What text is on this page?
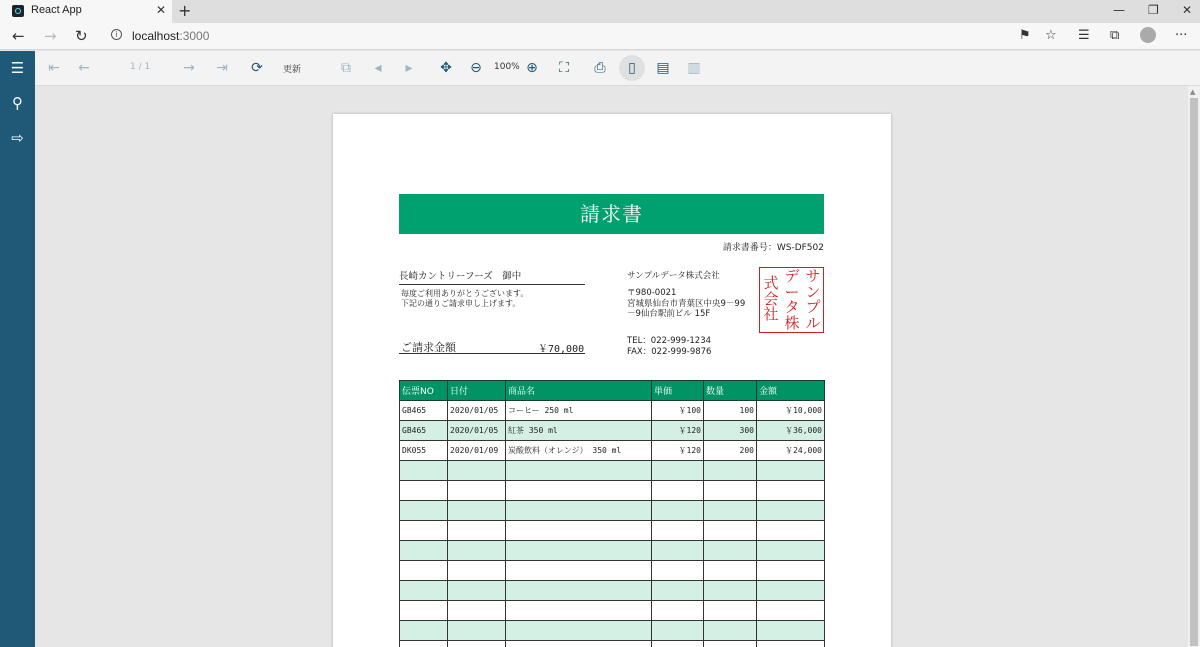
React App	✕ +	— ❐ ✕
← → ↻	i	localhost:3000	⚑ ☆ ☰ ⧉	···
☰
⚲
⇨
⇤ ←	1 / 1 → ⇥ ⟳	更新	⧉	◂	▸	✥ ⊖	100% ⊕ ⛶ ⎙	▯	▤ ▥
請求書
請求書番号：WS-DF502
長崎カントリーフーズ　御中
毎度ご利用ありがとうございます。
下記の通りご請求申し上げます。
ご請求金額	￥70,000
サンプルデータ株式会社
〒980-0021
宮城県仙台市青葉区中央9－99
－9仙台駅前ビル 15F
TEL：022-999-1234
FAX：022-999-9876
サ
ン
プ
ル
デ
ー
タ
株
式
会
社
伝票NO	日付	商品名	単価	数量	金額
GB465	2020/01/05	コーヒー 250 ml	￥100	100	￥10,000
GB465	2020/01/05	紅茶 350 ml	￥120	300	￥36,000
DK055	2020/01/09	炭酸飲料（オレンジ） 350 ml	￥120	200	￥24,000

▲
